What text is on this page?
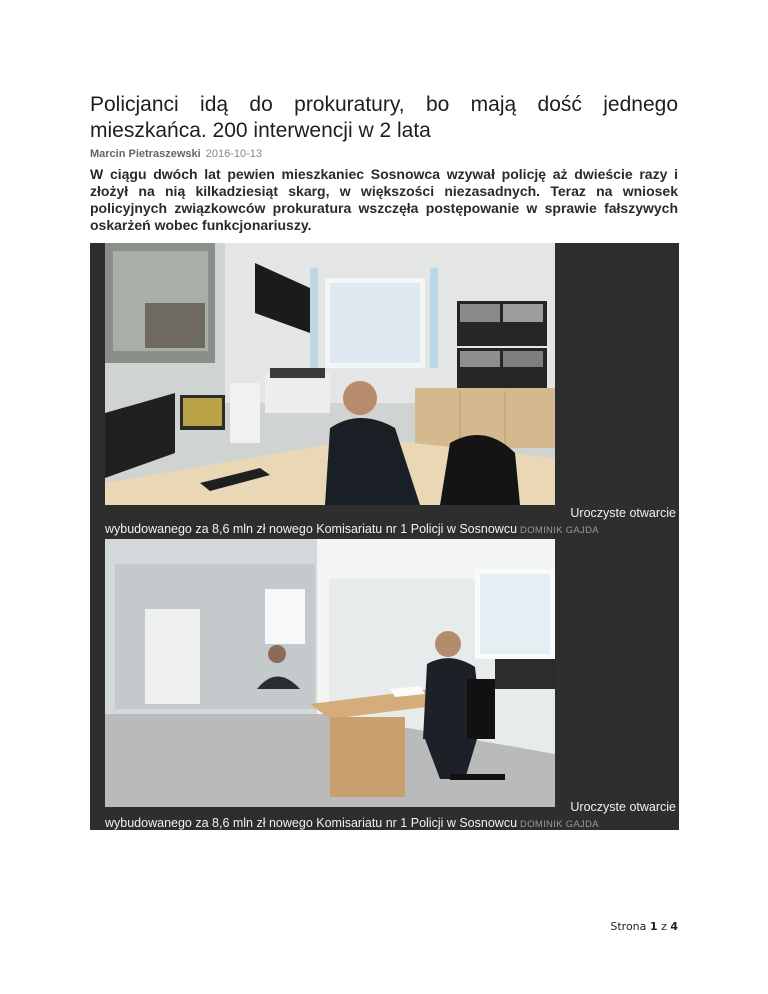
Policjanci idą do prokuratury, bo mają dość jednego mieszkańca. 200 interwencji w 2 lata
Marcin Pietraszewski 2016-10-13

W ciągu dwóch lat pewien mieszkaniec Sosnowca wzywał policję aż dwieście razy i złożył na nią kilkadziesiąt skarg, w większości niezasadnych. Teraz na wniosek policyjnych związkowców prokuratura wszczęła postępowanie w sprawie fałszywych oskarżeń wobec funkcjonariuszy.

Uroczyste otwarcie
wybudowanego za 8,6 mln zł nowego Komisariatu nr 1 Policji w Sosnowcu DOMINIK GAJDA
Uroczyste otwarcie
wybudowanego za 8,6 mln zł nowego Komisariatu nr 1 Policji w Sosnowcu DOMINIK GAJDA
Strona 1 z 4
